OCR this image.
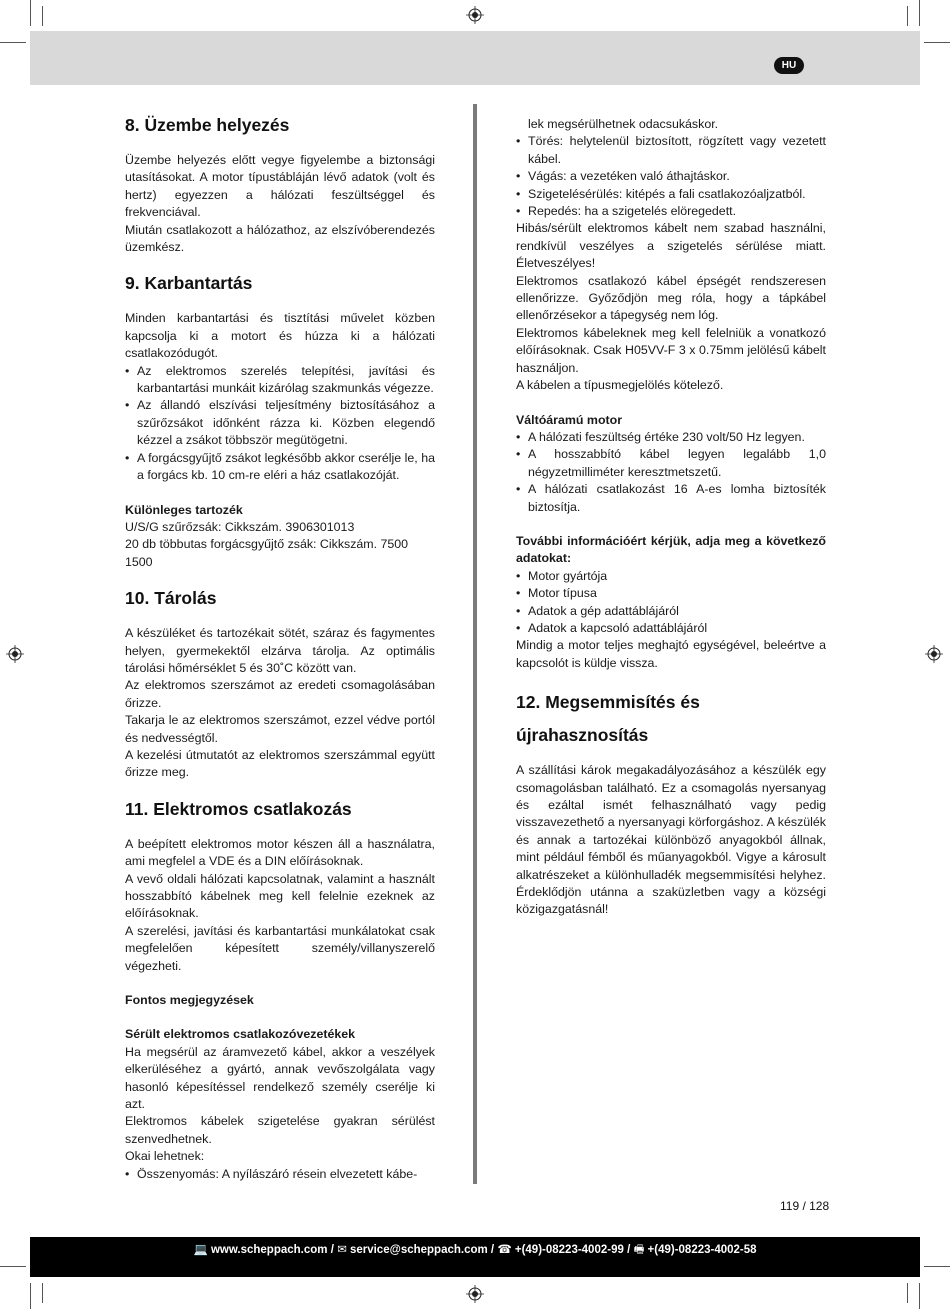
HU
8. Üzembe helyezés
Üzembe helyezés előtt vegye figyelembe a biztonsági utasításokat. A motor típustábláján lévő adatok (volt és hertz) egyezzen a hálózati feszültséggel és frekvenciával.
Miután csatlakozott a hálózathoz, az elszívóberendezés üzemkész.
9. Karbantartás
Minden karbantartási és tisztítási művelet közben kapcsolja ki a motort és húzza ki a hálózati csatlakozódugót.
• Az elektromos szerelés telepítési, javítási és karbantartási munkáit kizárólag szakmunkás végezze.
• Az állandó elszívási teljesítmény biztosításához a szűrőzsákot időnként rázza ki. Közben elegendő kézzel a zsákot többször megütögetni.
• A forgácsgyűjtő zsákot legkésőbb akkor cserélje le, ha a forgács kb. 10 cm-re eléri a ház csatlakozóját.
Különleges tartozék
U/S/G szűrőzsák: Cikkszám. 3906301013
20 db többutas forgácsgyűjtő zsák: Cikkszám. 7500 1500
10. Tárolás
A készüléket és tartozékait sötét, száraz és fagymentes helyen, gyermekektől elzárva tárolja. Az optimális tárolási hőmérséklet 5 és 30˚C között van.
Az elektromos szerszámot az eredeti csomagolásában őrizze.
Takarja le az elektromos szerszámot, ezzel védve portól és nedvességtől.
A kezelési útmutatót az elektromos szerszámmal együtt őrizze meg.
11. Elektromos csatlakozás
A beépített elektromos motor készen áll a használatra, ami megfelel a VDE és a DIN előírásoknak.
A vevő oldali hálózati kapcsolatnak, valamint a használt hosszabbító kábelnek meg kell felelnie ezeknek az előírásoknak.
A szerelési, javítási és karbantartási munkálatokat csak megfelelően képesített személy/villanyszerelő végezheti.
Fontos megjegyzések
Sérült elektromos csatlakozóvezetékek
Ha megsérül az áramvezető kábel, akkor a veszélyek elkerüléséhez a gyártó, annak vevőszolgálata vagy hasonló képesítéssel rendelkező személy cserélje ki azt.
Elektromos kábelek szigetelése gyakran sérülést szenvedhetnek.
Okai lehetnek:
• Összenyomás: A nyílászáró résein elvezetett kábe-
lek megsérülhetnek odacsukáskor.
• Törés: helytelenül biztosított, rögzített vagy vezetett kábel.
• Vágás: a vezetéken való áthajtáskor.
• Szigetelésérülés: kitépés a fali csatlakozóaljzatból.
• Repedés: ha a szigetelés elöregedett.
Hibás/sérült elektromos kábelt nem szabad használni, rendkívül veszélyes a szigetelés sérülése miatt. Életveszélyes!
Elektromos csatlakozó kábel épségét rendszeresen ellenőrizze. Győződjön meg róla, hogy a tápkábel ellenőrzésekor a tápegység nem lóg.
Elektromos kábeleknek meg kell felelniük a vonatkozó előírásoknak. Csak H05VV-F 3 x 0.75mm jelölésű kábelt használjon.
A kábelen a típusmegjelölés kötelező.
Váltóáramú motor
• A hálózati feszültség értéke 230 volt/50 Hz legyen.
• A hosszabbító kábel legyen legalább 1,0 négyzetmilliméter keresztmetszetű.
• A hálózati csatlakozást 16 A-es lomha biztosíték biztosítja.
További információért kérjük, adja meg a következő adatokat:
• Motor gyártója
• Motor típusa
• Adatok a gép adattáblájáról
• Adatok a kapcsoló adattáblájáról
Mindig a motor teljes meghajtó egységével, beleértve a kapcsolót is küldje vissza.
12. Megsemmisítés és újrahasznosítás
A szállítási károk megakadályozásához a készülék egy csomagolásban található. Ez a csomagolás nyersanyag és ezáltal ismét felhasználható vagy pedig visszavezethető a nyersanyagi körforgáshoz. A készülék és annak a tartozékai különböző anyagokból állnak, mint például fémből és műanyagokból. Vigye a károsult alkatrészeket a különhulladék megsemmisítési helyhez. Érdeklődjön utánna a szaküzletben vagy a községi közigazgatásnál!
119 / 128
💻 www.scheppach.com / ✉ service@scheppach.com / ☎ +(49)-08223-4002-99 / 🖷 +(49)-08223-4002-58
